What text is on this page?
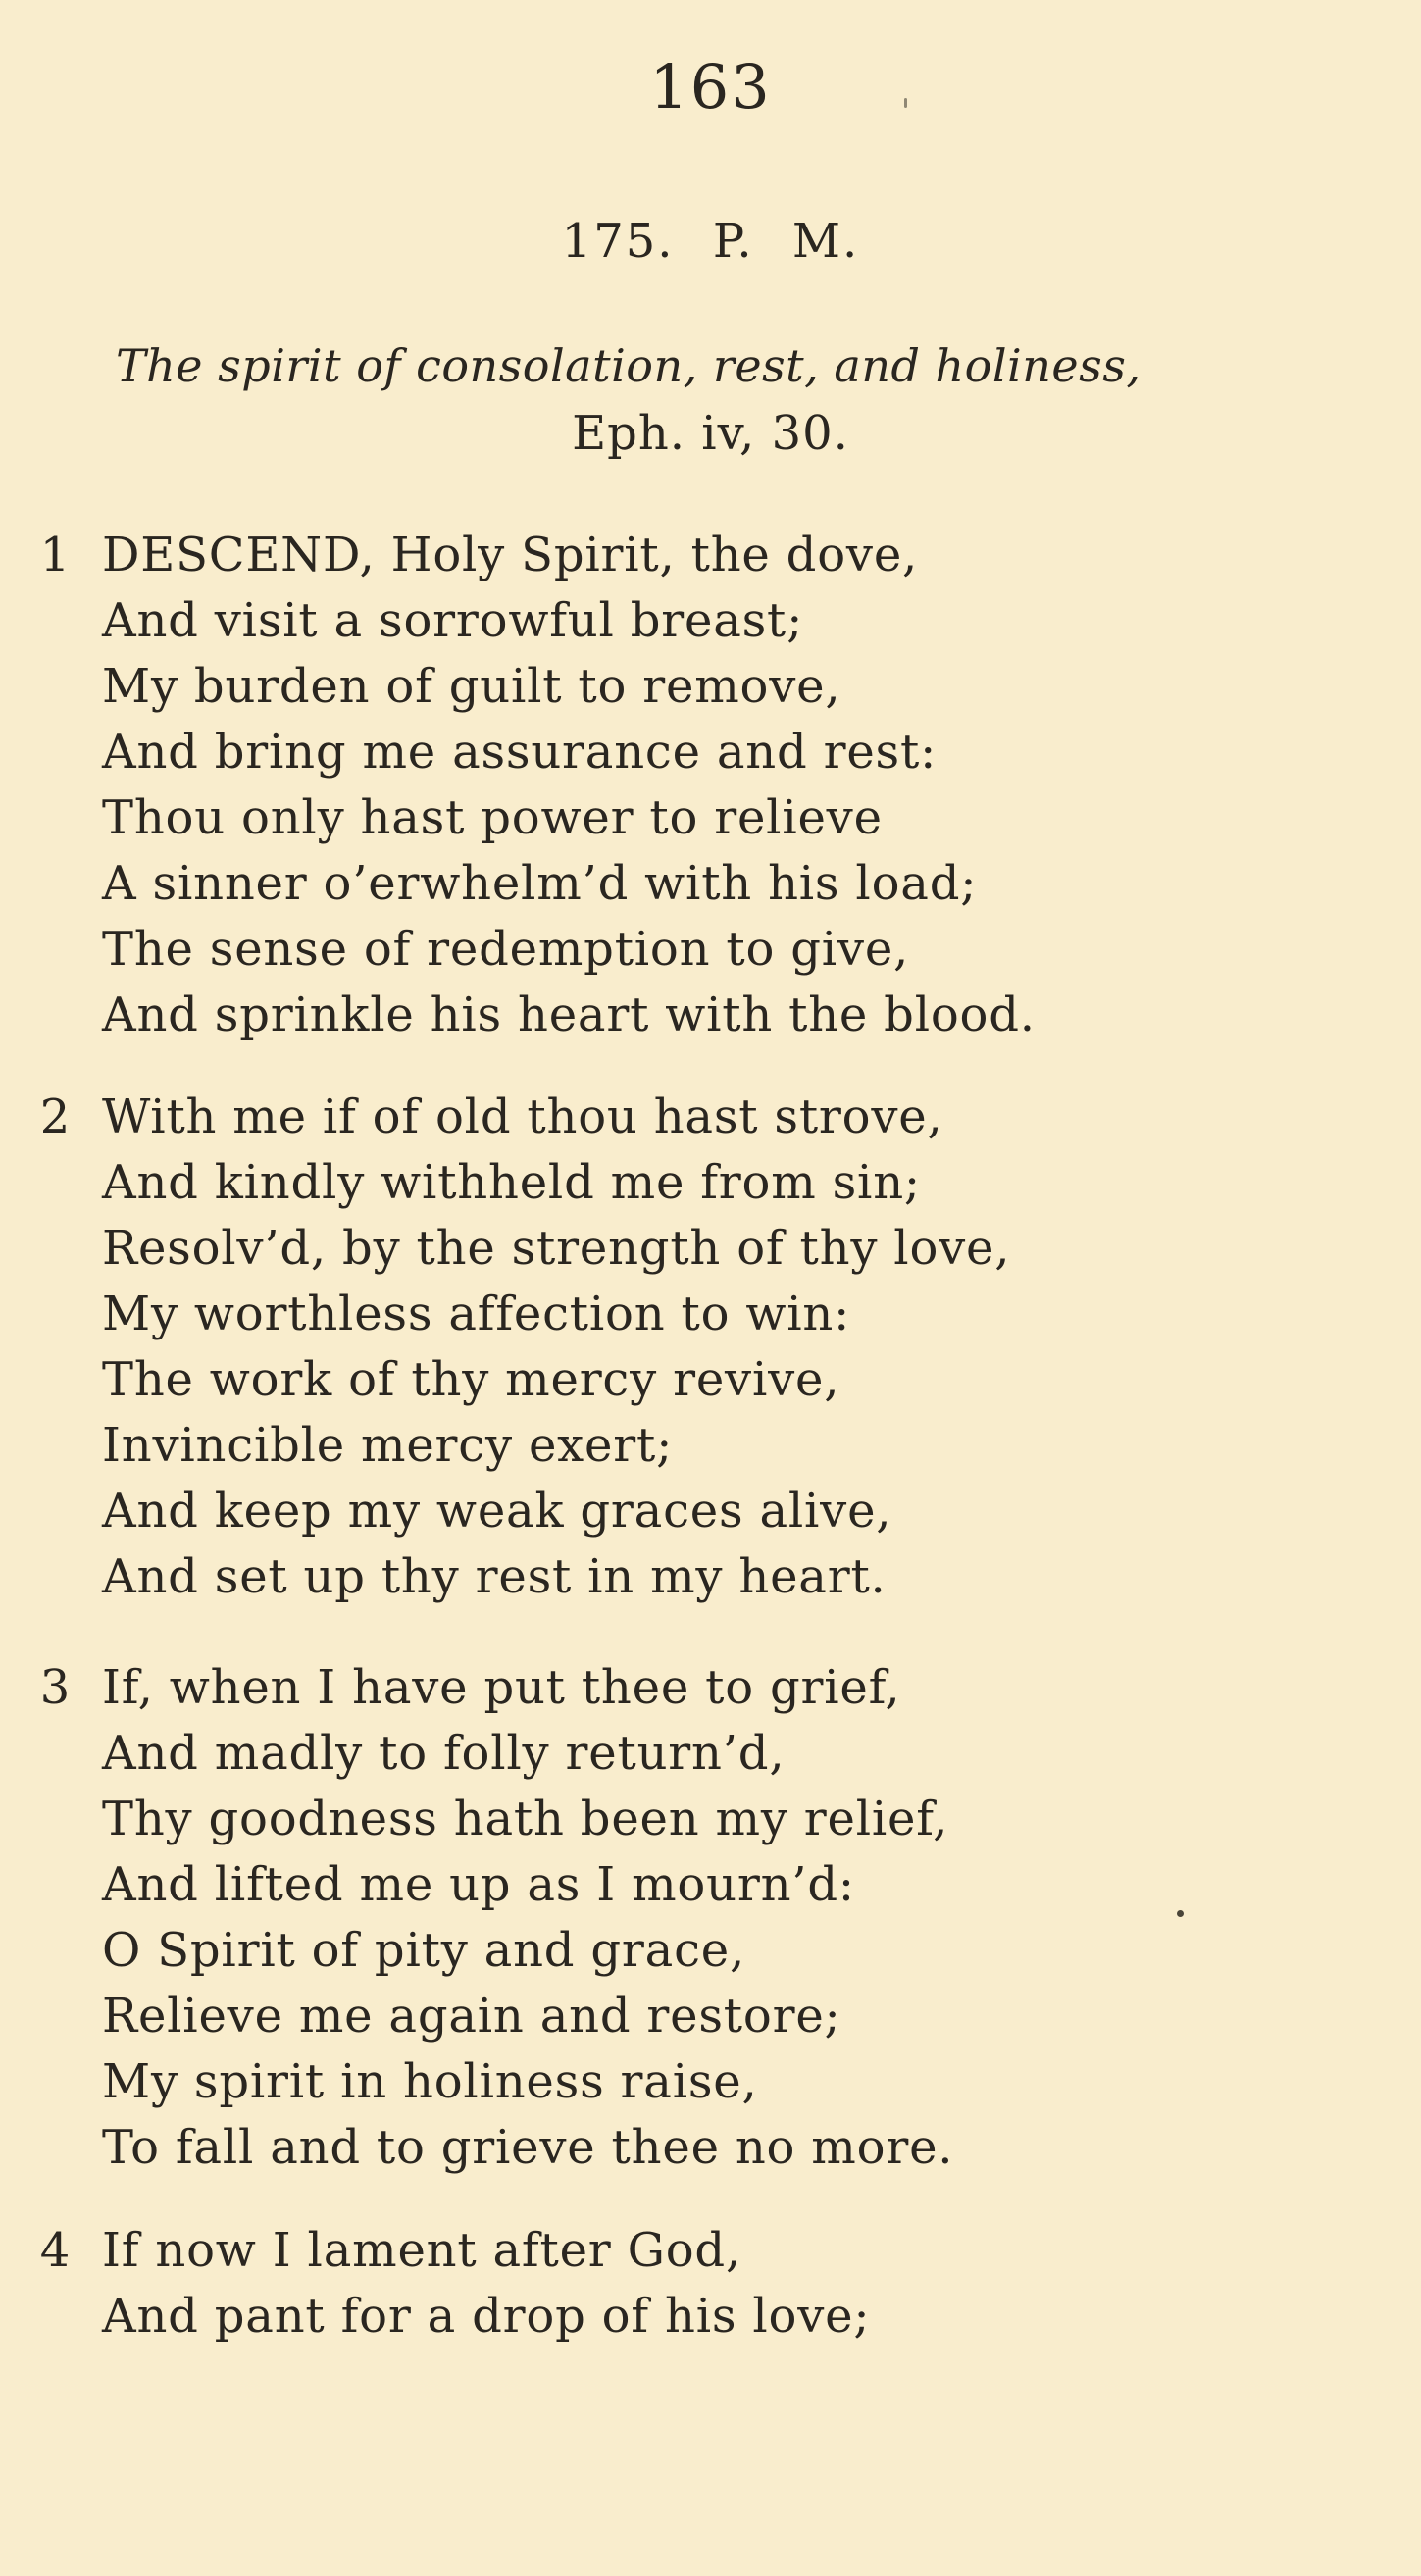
163
175. P. M.
The spirit of consolation, rest, and holiness,
Eph. iv, 30.
1 DESCEND, Holy Spirit, the dove,
And visit a sorrowful breast;
My burden of guilt to remove,
And bring me assurance and rest:
Thou only hast power to relieve
A sinner o’erwhelm’d with his load;
The sense of redemption to give,
And sprinkle his heart with the blood.
2 With me if of old thou hast strove,
And kindly withheld me from sin;
Resolv’d, by the strength of thy love,
My worthless affection to win:
The work of thy mercy revive,
Invincible mercy exert;
And keep my weak graces alive,
And set up thy rest in my heart.
3 If, when I have put thee to grief,
And madly to folly return’d,
Thy goodness hath been my relief,
And lifted me up as I mourn’d:
O Spirit of pity and grace,
Relieve me again and restore;
My spirit in holiness raise,
To fall and to grieve thee no more.
4 If now I lament after God,
And pant for a drop of his love;
